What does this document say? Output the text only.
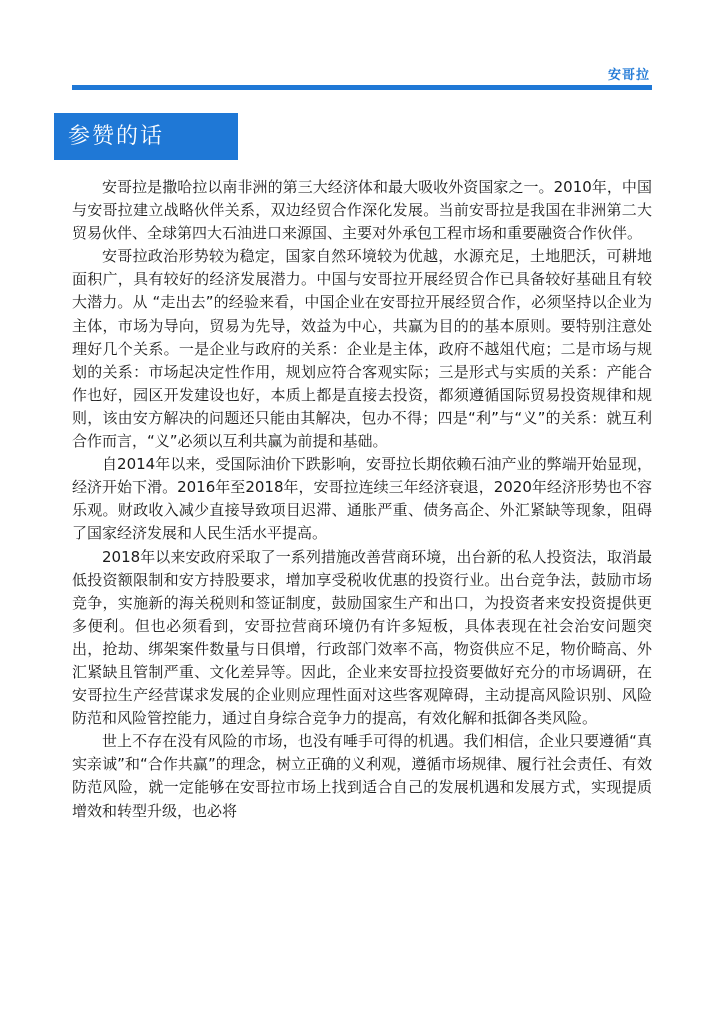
安哥拉
参赞的话

安哥拉是撒哈拉以南非洲的第三大经济体和最大吸收外资国家之一。2010年，中国与安哥拉建立战略伙伴关系，双边经贸合作深化发展。当前安哥拉是我国在非洲第二大贸易伙伴、全球第四大石油进口来源国、主要对外承包工程市场和重要融资合作伙伴。

安哥拉政治形势较为稳定，国家自然环境较为优越，水源充足，土地肥沃，可耕地面积广，具有较好的经济发展潜力。中国与安哥拉开展经贸合作已具备较好基础且有较大潜力。从 “走出去”的经验来看，中国企业在安哥拉开展经贸合作，必须坚持以企业为主体，市场为导向，贸易为先导，效益为中心，共赢为目的的基本原则。要特别注意处理好几个关系。一是企业与政府的关系：企业是主体，政府不越俎代庖；二是市场与规划的关系：市场起决定性作用，规划应符合客观实际；三是形式与实质的关系：产能合作也好，园区开发建设也好，本质上都是直接去投资，都须遵循国际贸易投资规律和规则，该由安方解决的问题还只能由其解决，包办不得；四是“利”与“义”的关系：就互利合作而言，“义”必须以互利共赢为前提和基础。

自2014年以来，受国际油价下跌影响，安哥拉长期依赖石油产业的弊端开始显现，经济开始下滑。2016年至2018年，安哥拉连续三年经济衰退，2020年经济形势也不容乐观。财政收入减少直接导致项目迟滞、通胀严重、债务高企、外汇紧缺等现象，阻碍了国家经济发展和人民生活水平提高。

2018年以来安政府采取了一系列措施改善营商环境，出台新的私人投资法，取消最低投资额限制和安方持股要求，增加享受税收优惠的投资行业。出台竞争法，鼓励市场竞争，实施新的海关税则和签证制度，鼓励国家生产和出口，为投资者来安投资提供更多便利。但也必须看到，安哥拉营商环境仍有许多短板，具体表现在社会治安问题突出，抢劫、绑架案件数量与日俱增，行政部门效率不高，物资供应不足，物价畸高、外汇紧缺且管制严重、文化差异等。因此，企业来安哥拉投资要做好充分的市场调研，在安哥拉生产经营谋求发展的企业则应理性面对这些客观障碍，主动提高风险识别、风险防范和风险管控能力，通过自身综合竞争力的提高，有效化解和抵御各类风险。

世上不存在没有风险的市场，也没有唾手可得的机遇。我们相信，企业只要遵循“真实亲诚”和“合作共赢”的理念，树立正确的义利观，遵循市场规律、履行社会责任、有效防范风险，就一定能够在安哥拉市场上找到适合自己的发展机遇和发展方式，实现提质增效和转型升级，也必将
